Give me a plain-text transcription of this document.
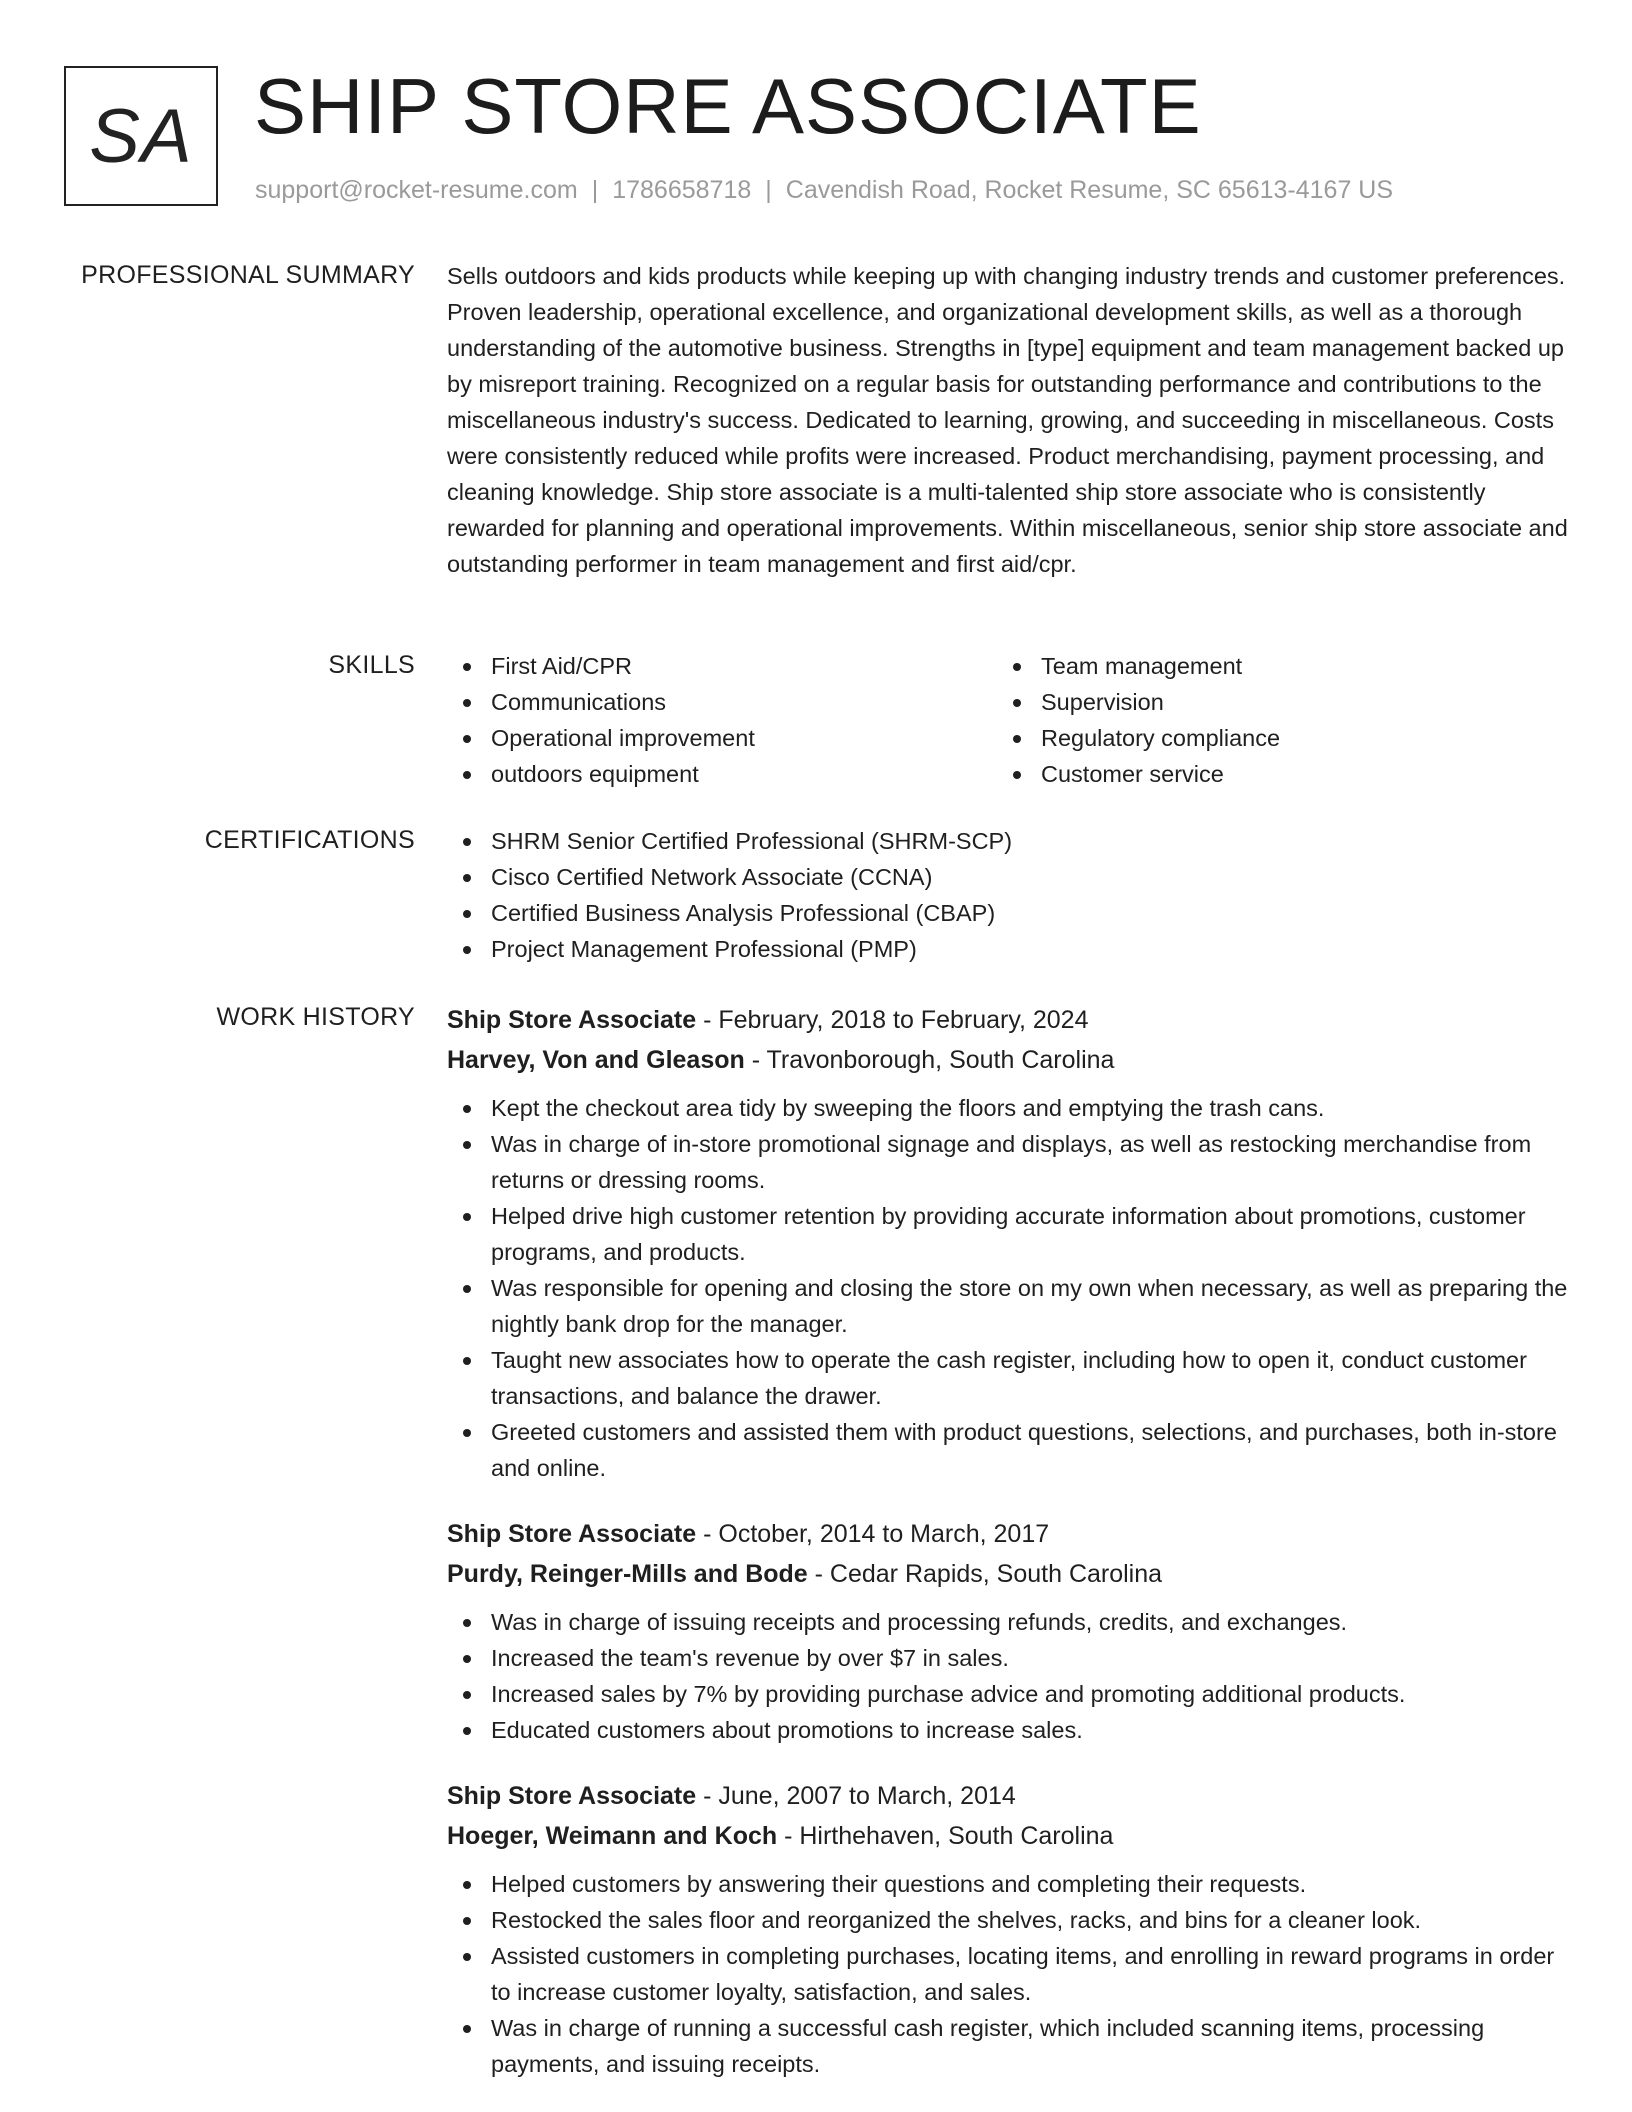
SA SHIP STORE ASSOCIATE
support@rocket-resume.com | 1786658718 | Cavendish Road, Rocket Resume, SC 65613-4167 US
PROFESSIONAL SUMMARY Sells outdoors and kids products while keeping up with changing industry trends and customer preferences. Proven leadership, operational excellence, and organizational development skills, as well as a thorough understanding of the automotive business. Strengths in [type] equipment and team management backed up by misreport training. Recognized on a regular basis for outstanding performance and contributions to the miscellaneous industry's success. Dedicated to learning, growing, and succeeding in miscellaneous. Costs were consistently reduced while profits were increased. Product merchandising, payment processing, and cleaning knowledge. Ship store associate is a multi-talented ship store associate who is consistently rewarded for planning and operational improvements. Within miscellaneous, senior ship store associate and outstanding performer in team management and first aid/cpr.

SKILLS	First Aid/CPR
Communications
Operational improvement
outdoors equipment
Team management
Supervision
Regulatory compliance
Customer service
CERTIFICATIONS	SHRM Senior Certified Professional (SHRM-SCP)
Cisco Certified Network Associate (CCNA)
Certified Business Analysis Professional (CBAP)
Project Management Professional (PMP)
WORK HISTORY Ship Store Associate - February, 2018 to February, 2024
Harvey, Von and Gleason - Travonborough, South Carolina
Kept the checkout area tidy by sweeping the floors and emptying the trash cans.
Was in charge of in-store promotional signage and displays, as well as restocking merchandise from returns or dressing rooms.
Helped drive high customer retention by providing accurate information about promotions, customer programs, and products.
Was responsible for opening and closing the store on my own when necessary, as well as preparing the nightly bank drop for the manager.
Taught new associates how to operate the cash register, including how to open it, conduct customer transactions, and balance the drawer.
Greeted customers and assisted them with product questions, selections, and purchases, both in-store and online.
Ship Store Associate - October, 2014 to March, 2017
Purdy, Reinger-Mills and Bode - Cedar Rapids, South Carolina
Was in charge of issuing receipts and processing refunds, credits, and exchanges.
Increased the team's revenue by over $7 in sales.
Increased sales by 7% by providing purchase advice and promoting additional products.
Educated customers about promotions to increase sales.
Ship Store Associate - June, 2007 to March, 2014
Hoeger, Weimann and Koch - Hirthehaven, South Carolina
Helped customers by answering their questions and completing their requests.
Restocked the sales floor and reorganized the shelves, racks, and bins for a cleaner look.
Assisted customers in completing purchases, locating items, and enrolling in reward programs in order to increase customer loyalty, satisfaction, and sales.
Was in charge of running a successful cash register, which included scanning items, processing payments, and issuing receipts.
